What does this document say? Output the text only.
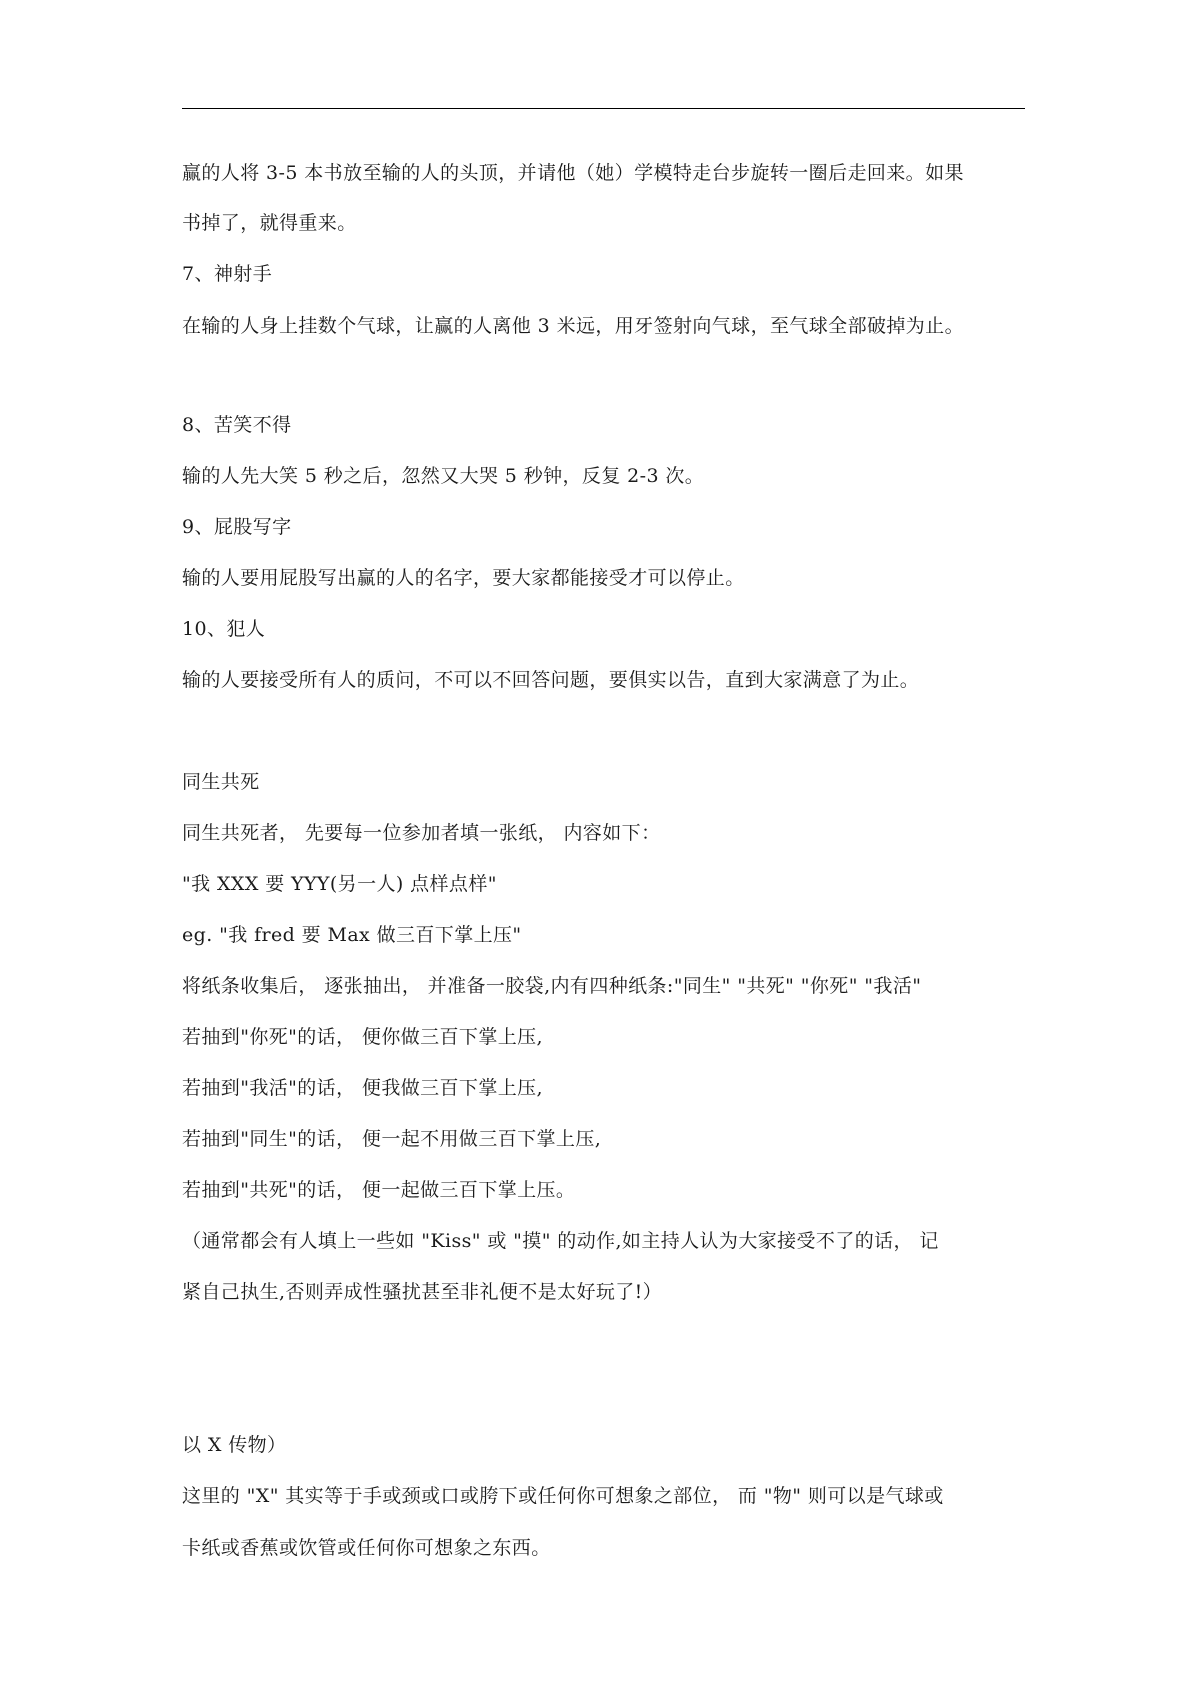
赢的人将 3-5 本书放至输的人的头顶，并请他（她）学模特走台步旋转一圈后走回来。如果
书掉了，就得重来。
7、神射手
在输的人身上挂数个气球，让赢的人离他 3 米远，用牙签射向气球，至气球全部破掉为止。
8、苦笑不得
输的人先大笑 5 秒之后，忽然又大哭 5 秒钟，反复 2-3 次。
9、屁股写字
输的人要用屁股写出赢的人的名字，要大家都能接受才可以停止。
10、犯人
输的人要接受所有人的质问，不可以不回答问题，要俱实以告，直到大家满意了为止。
同生共死
同生共死者， 先要每一位参加者填一张纸， 内容如下：
"我 XXX 要 YYY(另一人) 点样点样"
eg. "我 fred 要 Max 做三百下掌上压"
将纸条收集后， 逐张抽出， 并准备一胶袋,内有四种纸条:"同生" "共死" "你死" "我活"
若抽到"你死"的话， 便你做三百下掌上压,
若抽到"我活"的话， 便我做三百下掌上压,
若抽到"同生"的话， 便一起不用做三百下掌上压,
若抽到"共死"的话， 便一起做三百下掌上压。
（通常都会有人填上一些如 "Kiss" 或 "摸" 的动作,如主持人认为大家接受不了的话， 记
紧自己执生,否则弄成性骚扰甚至非礼便不是太好玩了!）
以 X 传物）
这里的 "X" 其实等于手或颈或口或胯下或任何你可想象之部位， 而 "物" 则可以是气球或
卡纸或香蕉或饮管或任何你可想象之东西。
